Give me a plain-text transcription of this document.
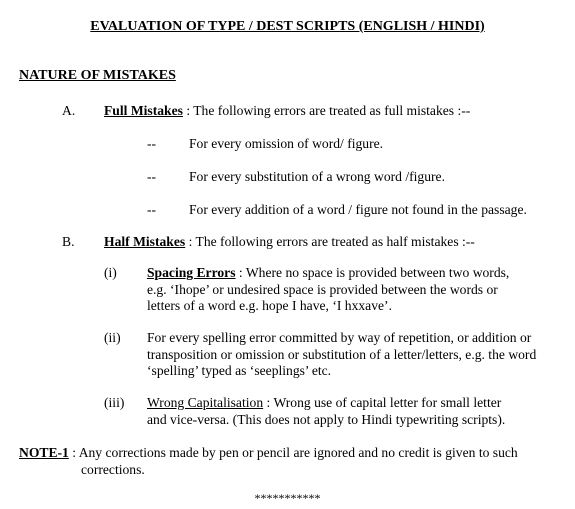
EVALUATION OF TYPE / DEST SCRIPTS (ENGLISH / HINDI)
NATURE OF MISTAKES
A. Full Mistakes : The following errors are treated as full mistakes :--
-- For every omission of word/ figure.
-- For every substitution of a wrong word /figure.
-- For every addition of a word / figure not found in the passage.
B. Half Mistakes : The following errors are treated as half mistakes :--
(i) Spacing Errors : Where no space is provided between two words,
e.g. ‘Ihope’ or undesired space is provided between the words or
letters of a word e.g. hope I have, ‘I hxxave’.
(ii) For every spelling error committed by way of repetition, or addition or
transposition or omission or substitution of a letter/letters, e.g. the word
‘spelling’ typed as ‘seeplings’ etc.
(iii) Wrong Capitalisation : Wrong use of capital letter for small letter
and vice-versa. (This does not apply to Hindi typewriting scripts).
NOTE-1 : Any corrections made by pen or pencil are ignored and no credit is given to such
corrections.
***********
